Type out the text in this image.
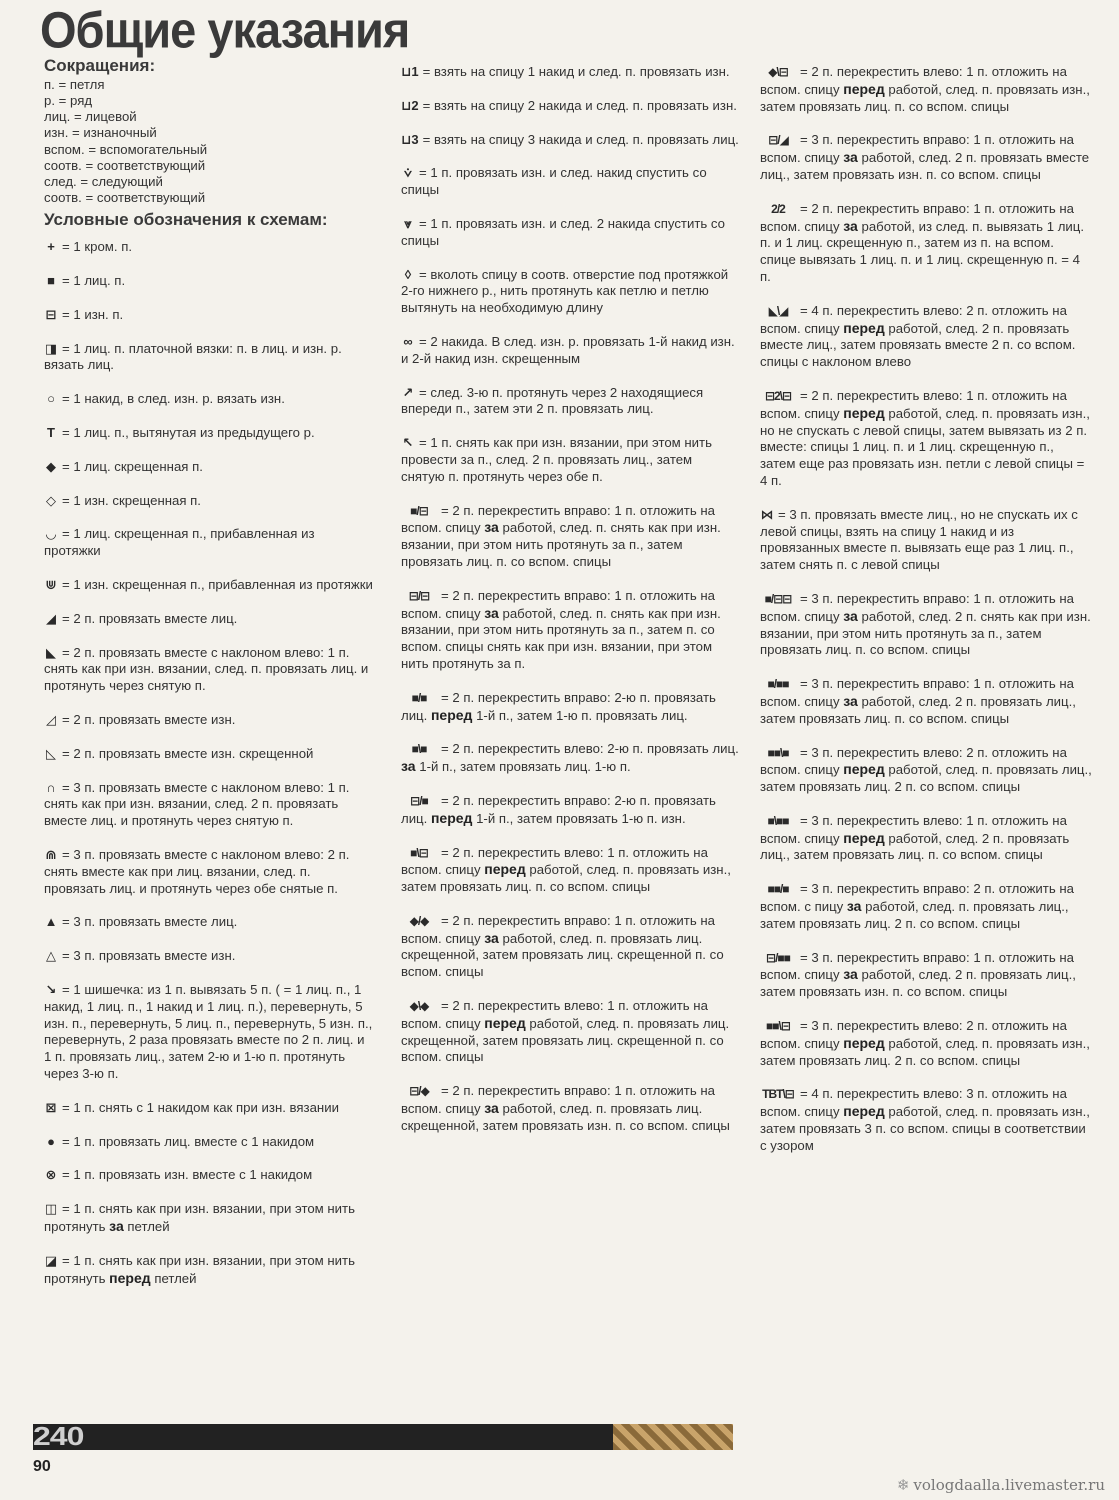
Общие указания
Сокращения:
п. = петля
р. = ряд
лиц. = лицевой
изн. = изнаночный
вспом. = вспомогательный
соотв. = соответствующий
след. = следующий
соотв. = соответствующий
Условные обозначения к схемам:
+ = 1 кром. п.
■ = 1 лиц. п.
⊟ = 1 изн. п.
◨ = 1 лиц. п. платочной вязки: п. в лиц. и изн. р. вязать лиц.
○ = 1 накид, в след. изн. р. вязать изн.
T = 1 лиц. п., вытянутая из предыдущего р.
◆ = 1 лиц. скрещенная п.
◇ = 1 изн. скрещенная п.
◡ = 1 лиц. скрещенная п., прибавленная из протяжки
⋓ = 1 изн. скрещенная п., прибавленная из протяжки
◢ = 2 п. провязать вместе лиц.
◣ = 2 п. провязать вместе с наклоном влево: 1 п. снять как при изн. вязании, след. п. провязать лиц. и протянуть через снятую п.
◿ = 2 п. провязать вместе изн.
◺ = 2 п. провязать вместе изн. скрещенной
∩ = 3 п. провязать вместе с наклоном влево: 1 п. снять как при изн. вязании, след. 2 п. провязать вместе лиц. и протянуть через снятую п.
⋒ = 3 п. провязать вместе с наклоном влево: 2 п. снять вместе как при лиц. вязании, след. п. провязать лиц. и протянуть через обе снятые п.
▲ = 3 п. провязать вместе лиц.
△ = 3 п. провязать вместе изн.
↘ = 1 шишечка: из 1 п. вывязать 5 п. ( = 1 лиц. п., 1 накид, 1 лиц. п., 1 накид и 1 лиц. п.), перевернуть, 5 изн. п., перевернуть, 5 лиц. п., перевернуть, 5 изн. п., перевернуть, 2 раза провязать вместе по 2 п. лиц. и 1 п. провязать лиц., затем 2-ю и 1-ю п. протянуть через 3-ю п.
⊠ = 1 п. снять с 1 накидом как при изн. вязании
● = 1 п. провязать лиц. вместе с 1 накидом
⊗ = 1 п. провязать изн. вместе с 1 накидом
◫ = 1 п. снять как при изн. вязании, при этом нить протянуть за петлей
◪ = 1 п. снять как при изн. вязании, при этом нить протянуть перед петлей
⊔1 = взять на спицу 1 накид и след. п. провязать изн.
⊔2 = взять на спицу 2 накида и след. п. провязать изн.
⊔3 = взять на спицу 3 накида и след. п. провязать лиц.
⩒ = 1 п. провязать изн. и след. накид спустить со спицы
⩔ = 1 п. провязать изн. и след. 2 накида спустить со спицы
◊ = вколоть спицу в соотв. отверстие под протяжкой 2-го нижнего р., нить протянуть как петлю и петлю вытянуть на необходимую длину
∞ = 2 накида. В след. изн. р. провязать 1-й накид изн. и 2-й накид изн. скрещенным
↗ = след. 3-ю п. протянуть через 2 находящиеся впереди п., затем эти 2 п. провязать лиц.
↖ = 1 п. снять как при изн. вязании, при этом нить провести за п., след. 2 п. провязать лиц., затем снятую п. протянуть через обе п.
■/⊟ = 2 п. перекрестить вправо: 1 п. отложить на вспом. спицу за работой, след. п. снять как при изн. вязании, при этом нить протянуть за п., затем провязать лиц. п. со вспом. спицы
⊟/⊟ = 2 п. перекрестить вправо: 1 п. отложить на вспом. спицу за работой, след. п. снять как при изн. вязании, при этом нить протянуть за п., затем п. со вспом. спицы снять как при изн. вязании, при этом нить протянуть за п.
■/■ = 2 п. перекрестить вправо: 2-ю п. провязать лиц. перед 1-й п., затем 1-ю п. провязать лиц.
■\■ = 2 п. перекрестить влево: 2-ю п. провязать лиц. за 1-й п., затем провязать лиц. 1-ю п.
⊟/■ = 2 п. перекрестить вправо: 2-ю п. провязать лиц. перед 1-й п., затем провязать 1-ю п. изн.
■\⊟ = 2 п. перекрестить влево: 1 п. отложить на вспом. спицу перед работой, след. п. провязать изн., затем провязать лиц. п. со вспом. спицы
◆/◆ = 2 п. перекрестить вправо: 1 п. отложить на вспом. спицу за работой, след. п. провязать лиц. скрещенной, затем провязать лиц. скрещенной п. со вспом. спицы
◆\◆ = 2 п. перекрестить влево: 1 п. отложить на вспом. спицу перед работой, след. п. провязать лиц. скрещенной, затем провязать лиц. скрещенной п. со вспом. спицы
⊟/◆ = 2 п. перекрестить вправо: 1 п. отложить на вспом. спицу за работой, след. п. провязать лиц. скрещенной, затем провязать изн. п. со вспом. спицы
◆\⊟ = 2 п. перекрестить влево: 1 п. отложить на вспом. спицу перед работой, след. п. провязать изн., затем провязать лиц. п. со вспом. спицы
⊟/◢ = 3 п. перекрестить вправо: 1 п. отложить на вспом. спицу за работой, след. 2 п. провязать вместе лиц., затем провязать изн. п. со вспом. спицы
2/2 = 2 п. перекрестить вправо: 1 п. отложить на вспом. спицу за работой, из след. п. вывязать 1 лиц. п. и 1 лиц. скрещенную п., затем из п. на вспом. спице вывязать 1 лиц. п. и 1 лиц. скрещенную п. = 4 п.
◣\◢ = 4 п. перекрестить влево: 2 п. отложить на вспом. спицу перед работой, след. 2 п. провязать вместе лиц., затем провязать вместе 2 п. со вспом. спицы с наклоном влево
⊟2\⊟ = 2 п. перекрестить влево: 1 п. отложить на вспом. спицу перед работой, след. п. провязать изн., но не спускать с левой спицы, затем вывязать из 2 п. вместе: спицы 1 лиц. п. и 1 лиц. скрещенную п., затем еще раз провязать изн. петли с левой спицы = 4 п.
⋈ = 3 п. провязать вместе лиц., но не спускать их с левой спицы, взять на спицу 1 накид и из провязанных вместе п. вывязать еще раз 1 лиц. п., затем снять п. с левой спицы
■/⊟⊟ = 3 п. перекрестить вправо: 1 п. отложить на вспом. спицу за работой, след. 2 п. снять как при изн. вязании, при этом нить протянуть за п., затем провязать лиц. п. со вспом. спицы
■/■■ = 3 п. перекрестить вправо: 1 п. отложить на вспом. спицу за работой, след. 2 п. провязать лиц., затем провязать лиц. п. со вспом. спицы
■■\■ = 3 п. перекрестить влево: 2 п. отложить на вспом. спицу перед работой, след. п. провязать лиц., затем провязать лиц. 2 п. со вспом. спицы
■\■■ = 3 п. перекрестить влево: 1 п. отложить на вспом. спицу перед работой, след. 2 п. провязать лиц., затем провязать лиц. п. со вспом. спицы
■■/■ = 3 п. перекрестить вправо: 2 п. отложить на вспом. с пицу за работой, след. п. провязать лиц., затем провязать лиц. 2 п. со вспом. спицы
⊟/■■ = 3 п. перекрестить вправо: 1 п. отложить на вспом. спицу за работой, след. 2 п. провязать лиц., затем провязать изн. п. со вспом. спицы
■■\⊟ = 3 п. перекрестить влево: 2 п. отложить на вспом. спицу перед работой, след. п. провязать изн., затем провязать лиц. 2 п. со вспом. спицы
TBT\⊟ = 4 п. перекрестить влево: 3 п. отложить на вспом. спицу перед работой, след. п. провязать изн., затем провязать 3 п. со вспом. спицы в соответствии с узором
240
90
❄ vologdaalla.livemaster.ru
